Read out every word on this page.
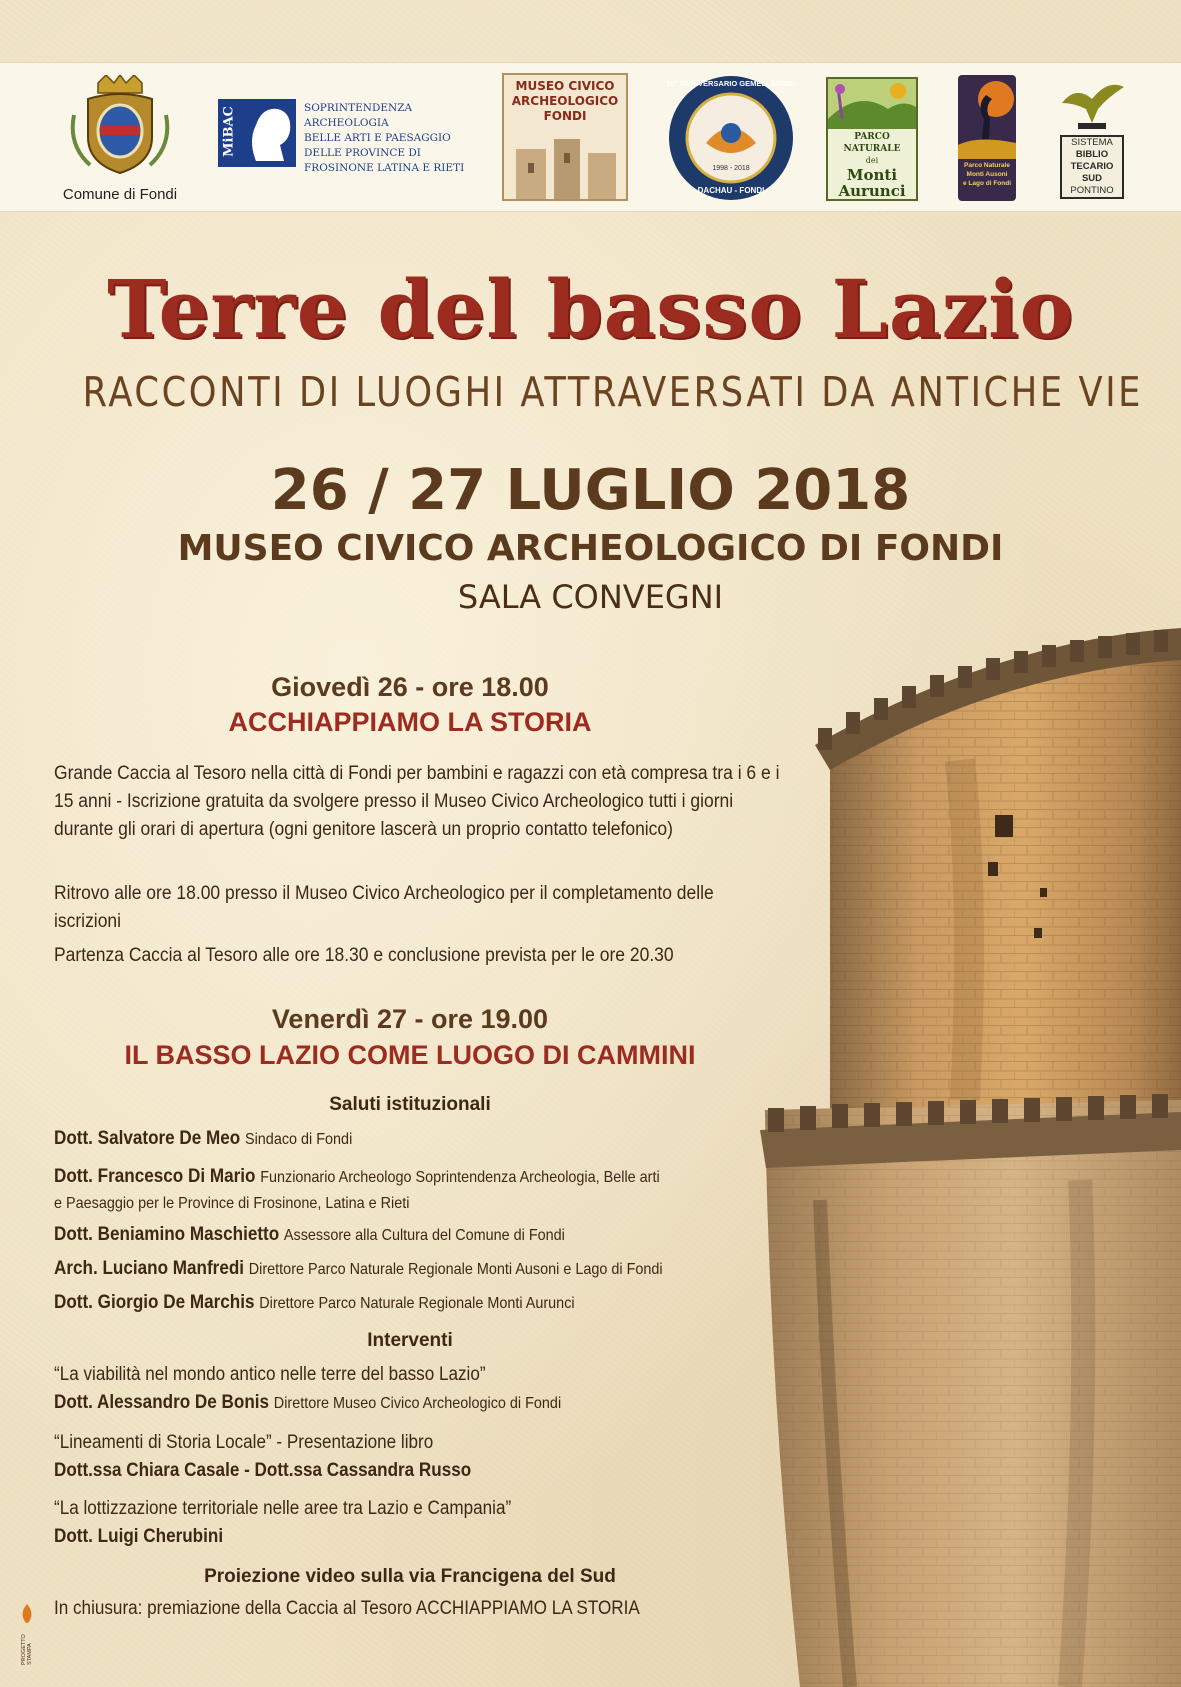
Comune di Fondi
MiBAC	SOPRINTENDENZA ARCHEOLOGIA
BELLE ARTI E PAESAGGIO
DELLE PROVINCE DI
FROSINONE LATINA E RIETI
MUSEO CIVICO
ARCHEOLOGICO
FONDI
20° ANNIVERSARIO GEMELLAGGIO
1998 - 2018
DACHAU - FONDI
PARCO
NATURALE
dei
Monti
Aurunci
Parco Naturale
Monti Ausoni
e Lago di Fondi
SISTEMA
BIBLIO
TECARIO
SUD
PONTINO
Terre del basso Lazio
RACCONTI DI LUOGHI ATTRAVERSATI DA ANTICHE VIE
26 / 27 LUGLIO 2018
MUSEO CIVICO ARCHEOLOGICO DI FONDI
SALA CONVEGNI
Giovedì 26 - ore 18.00
ACCHIAPPIAMO LA STORIA
Grande Caccia al Tesoro nella città di Fondi per bambini e ragazzi con età compresa tra i 6 e i 15 anni - Iscrizione gratuita da svolgere presso il Museo Civico Archeologico tutti i giorni durante gli orari di apertura (ogni genitore lascerà un proprio contatto telefonico)
Ritrovo alle ore 18.00 presso il Museo Civico Archeologico per il completamento delle iscrizioni
Partenza Caccia al Tesoro alle ore 18.30 e conclusione prevista per le ore 20.30
Venerdì 27 - ore 19.00
IL BASSO LAZIO COME LUOGO DI CAMMINI
Saluti istituzionali
Dott. Salvatore De Meo Sindaco di Fondi
Dott. Francesco Di Mario Funzionario Archeologo Soprintendenza Archeologia, Belle arti
e Paesaggio per le Province di Frosinone, Latina e Rieti
Dott. Beniamino Maschietto Assessore alla Cultura del Comune di Fondi
Arch. Luciano Manfredi Direttore Parco Naturale Regionale Monti Ausoni e Lago di Fondi
Dott. Giorgio De Marchis Direttore Parco Naturale Regionale Monti Aurunci
Interventi
“La viabilità nel mondo antico nelle terre del basso Lazio”
Dott. Alessandro De Bonis Direttore Museo Civico Archeologico di Fondi
“Lineamenti di Storia Locale” - Presentazione libro
Dott.ssa Chiara Casale - Dott.ssa Cassandra Russo
“La lottizzazione territoriale nelle aree tra Lazio e Campania”
Dott. Luigi Cherubini
Proiezione video sulla via Francigena del Sud
In chiusura: premiazione della Caccia al Tesoro ACCHIAPPIAMO LA STORIA
PROGETTO STAMPA
